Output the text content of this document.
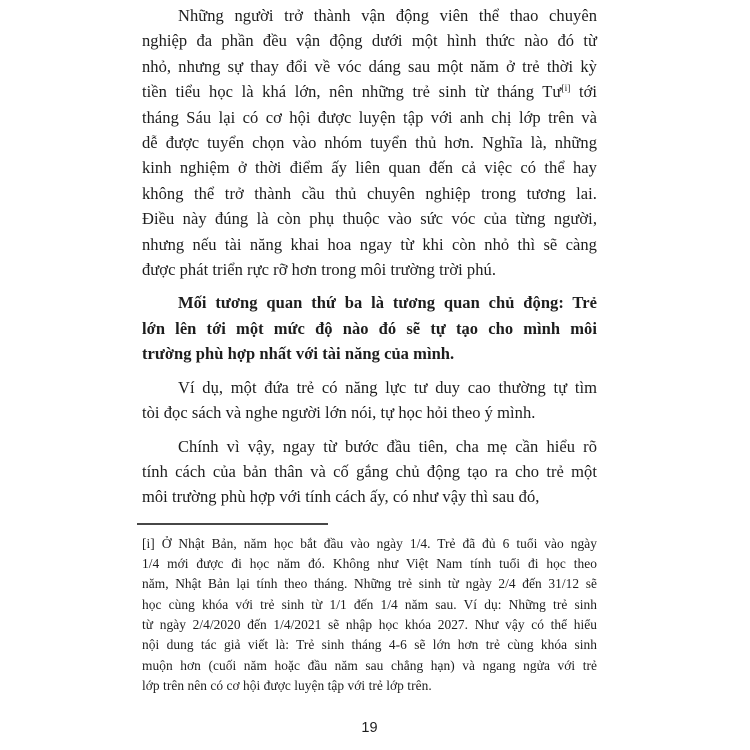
Những người trở thành vận động viên thể thao chuyên
nghiệp đa phần đều vận động dưới một hình thức nào đó từ
nhỏ, nhưng sự thay đổi về vóc dáng sau một năm ở trẻ thời kỳ
tiền tiểu học là khá lớn, nên những trẻ sinh từ tháng Tư[i] tới
tháng Sáu lại có cơ hội được luyện tập với anh chị lớp trên và
dễ được tuyển chọn vào nhóm tuyển thủ hơn. Nghĩa là, những
kinh nghiệm ở thời điểm ấy liên quan đến cả việc có thể hay
không thể trở thành cầu thủ chuyên nghiệp trong tương lai.
Điều này đúng là còn phụ thuộc vào sức vóc của từng người,
nhưng nếu tài năng khai hoa ngay từ khi còn nhỏ thì sẽ càng
được phát triển rực rỡ hơn trong môi trường trời phú.
Mối tương quan thứ ba là tương quan chủ động: Trẻ
lớn lên tới một mức độ nào đó sẽ tự tạo cho mình môi
trường phù hợp nhất với tài năng của mình.
Ví dụ, một đứa trẻ có năng lực tư duy cao thường tự tìm
tòi đọc sách và nghe người lớn nói, tự học hỏi theo ý mình.
Chính vì vậy, ngay từ bước đầu tiên, cha mẹ cần hiểu rõ
tính cách của bản thân và cố gắng chủ động tạo ra cho trẻ một
môi trường phù hợp với tính cách ấy, có như vậy thì sau đó,
[i] Ở Nhật Bản, năm học bắt đầu vào ngày 1/4. Trẻ đã đủ 6 tuổi vào ngày
1/4 mới được đi học năm đó. Không như Việt Nam tính tuổi đi học theo
năm, Nhật Bản lại tính theo tháng. Những trẻ sinh từ ngày 2/4 đến 31/12 sẽ
học cùng khóa với trẻ sinh từ 1/1 đến 1/4 năm sau. Ví dụ: Những trẻ sinh
từ ngày 2/4/2020 đến 1/4/2021 sẽ nhập học khóa 2027. Như vậy có thể hiểu
nội dung tác giả viết là: Trẻ sinh tháng 4-6 sẽ lớn hơn trẻ cùng khóa sinh
muộn hơn (cuối năm hoặc đầu năm sau chẳng hạn) và ngang ngửa với trẻ
lớp trên nên có cơ hội được luyện tập với trẻ lớp trên.
19
